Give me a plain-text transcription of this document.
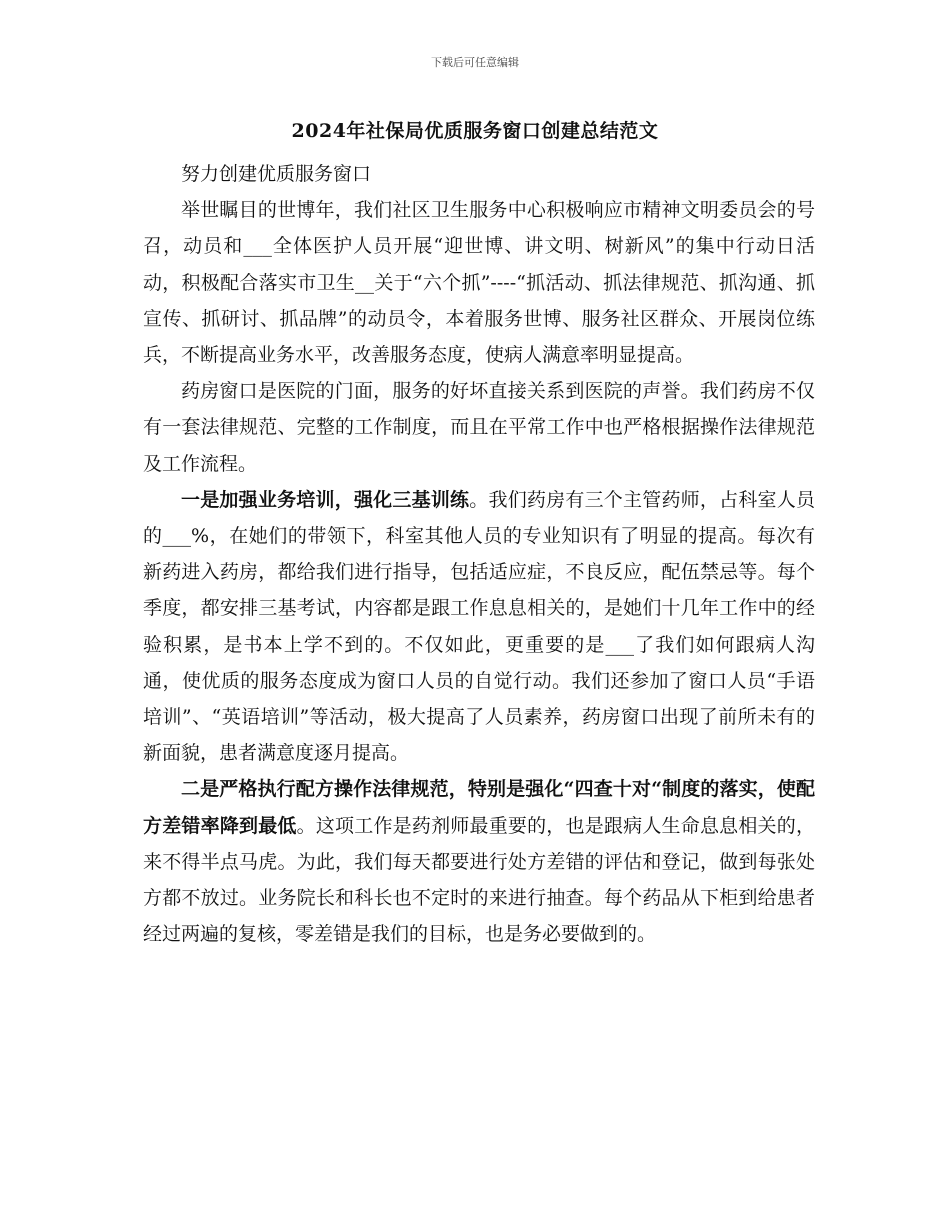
下载后可任意编辑
2024年社保局优质服务窗口创建总结范文

努力创建优质服务窗口

举世瞩目的世博年，我们社区卫生服务中心积极响应市精神文明委员会的号召，动员和___全体医护人员开展“迎世博、讲文明、树新风”的集中行动日活动，积极配合落实市卫生__关于“六个抓”----“抓活动、抓法律规范、抓沟通、抓宣传、抓研讨、抓品牌”的动员令，本着服务世博、服务社区群众、开展岗位练兵，不断提高业务水平，改善服务态度，使病人满意率明显提高。

药房窗口是医院的门面，服务的好坏直接关系到医院的声誉。我们药房不仅有一套法律规范、完整的工作制度，而且在平常工作中也严格根据操作法律规范及工作流程。

一是加强业务培训，强化三基训练。我们药房有三个主管药师，占科室人员的___%，在她们的带领下，科室其他人员的专业知识有了明显的提高。每次有新药进入药房，都给我们进行指导，包括适应症，不良反应，配伍禁忌等。每个季度，都安排三基考试，内容都是跟工作息息相关的，是她们十几年工作中的经验积累，是书本上学不到的。不仅如此，更重要的是___了我们如何跟病人沟通，使优质的服务态度成为窗口人员的自觉行动。我们还参加了窗口人员“手语培训”、“英语培训”等活动，极大提高了人员素养，药房窗口出现了前所未有的新面貌，患者满意度逐月提高。

二是严格执行配方操作法律规范，特别是强化“四查十对“制度的落实，使配方差错率降到最低。这项工作是药剂师最重要的，也是跟病人生命息息相关的，来不得半点马虎。为此，我们每天都要进行处方差错的评估和登记，做到每张处方都不放过。业务院长和科长也不定时的来进行抽查。每个药品从下柜到给患者经过两遍的复核，零差错是我们的目标，也是务必要做到的。
